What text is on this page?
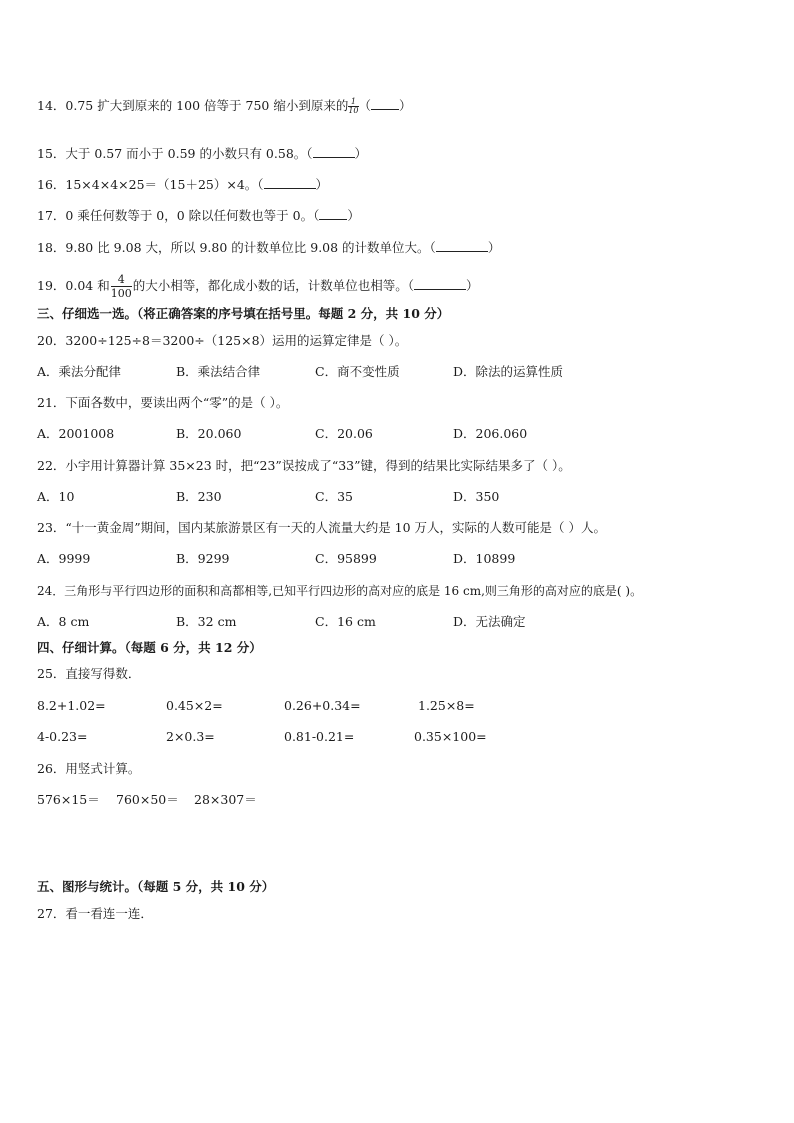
14．0.75 扩大到原来的 100 倍等于 750 缩小到原来的 $\frac{1}{10}$（ ）
15．大于 0.57 而小于 0.59 的小数只有 0.58。（	）
16．15×4×4×25＝（15＋25）×4。（	）
17．0 乘任何数等于 0，0 除以任何数也等于 0。（ ）
18．9.80 比 9.08 大，所以 9.80 的计数单位比 9.08 的计数单位大。（	）
19．0.04 和 $\frac{4}{100}$ 的大小相等，都化成小数的话，计数单位也相等。（	）
三、仔细选一选。（将正确答案的序号填在括号里。每题 2 分，共 10 分）
20．3200÷125÷8＝3200÷（125×8）运用的运算定律是（ ）。
A．乘法分配律	B．乘法结合律	C．商不变性质	D．除法的运算性质
21．下面各数中，要读出两个“零”的是（ ）。
A．2001008	B．20.060	C．20.06	D．206.060
22．小宇用计算器计算 35×23 时，把“23”误按成了“33”键，得到的结果比实际结果多了（ ）。
A．10	B．230	C．35	D．350
23．“十一黄金周”期间，国内某旅游景区有一天的人流量大约是 10 万人，实际的人数可能是（ ）人。
A．9999	B．9299	C．95899	D．10899
24．三角形与平行四边形的面积和高都相等,已知平行四边形的高对应的底是 16 cm,则三角形的高对应的底是( )。
A．8 cm	B．32 cm	C．16 cm	D．无法确定
四、仔细计算。（每题 6 分，共 12 分）
25．直接写得数．
8.2+1.02=	0.45×2=	0.26+0.34=	1.25×8=
4-0.23=	2×0.3=	0.81-0.21=	0.35×100=
26．用竖式计算。
576×15＝ 760×50＝ 28×307＝
五、图形与统计。（每题 5 分，共 10 分）
27．看一看连一连．
